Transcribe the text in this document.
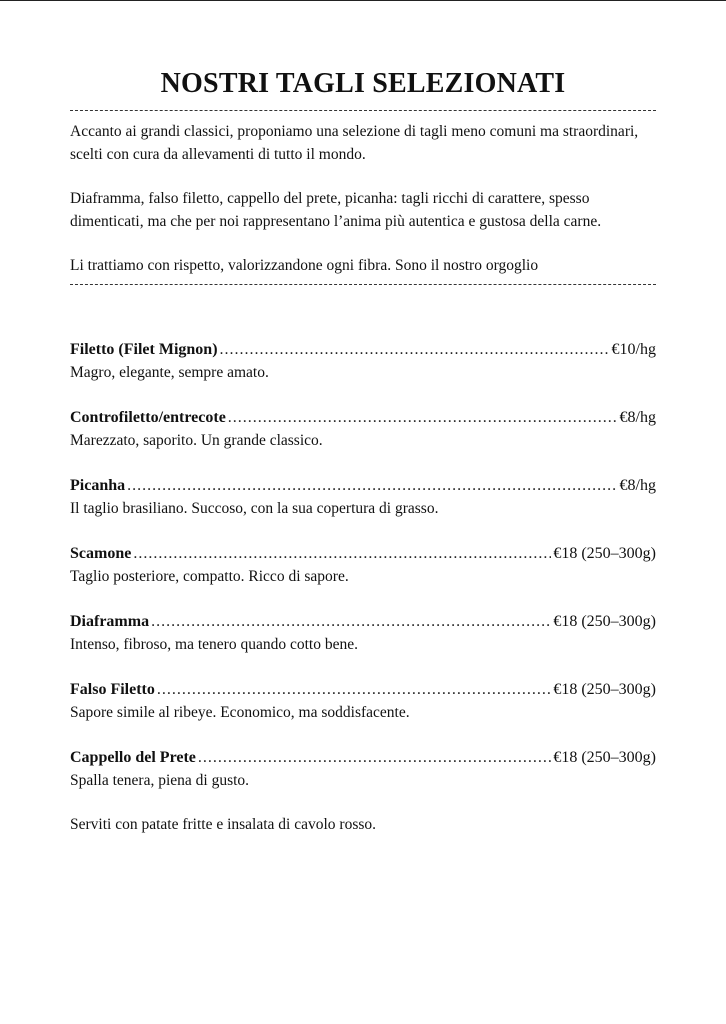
NOSTRI TAGLI SELEZIONATI

Accanto ai grandi classici, proponiamo una selezione di tagli meno comuni ma straordinari, scelti con cura da allevamenti di tutto il mondo.

Diaframma, falso filetto, cappello del prete, picanha: tagli ricchi di carattere, spesso dimenticati, ma che per noi rappresentano l’anima più autentica e gustosa della carne.

Li trattiamo con rispetto, valorizzandone ogni fibra. Sono il nostro orgoglio

Filetto (Filet Mignon) .....	€10/hg
Magro, elegante, sempre amato.
Controfiletto/entrecote .....	€8/hg
Marezzato, saporito. Un grande classico.
Picanha .....	€8/hg
Il taglio brasiliano. Succoso, con la sua copertura di grasso.
Scamone .....	€18 (250–300g)
Taglio posteriore, compatto. Ricco di sapore.
Diaframma .....	€18 (250–300g)
Intenso, fibroso, ma tenero quando cotto bene.
Falso Filetto .....	€18 (250–300g)
Sapore simile al ribeye. Economico, ma soddisfacente.
Cappello del Prete .....	€18 (250–300g)
Spalla tenera, piena di gusto.
Serviti con patate fritte e insalata di cavolo rosso.
